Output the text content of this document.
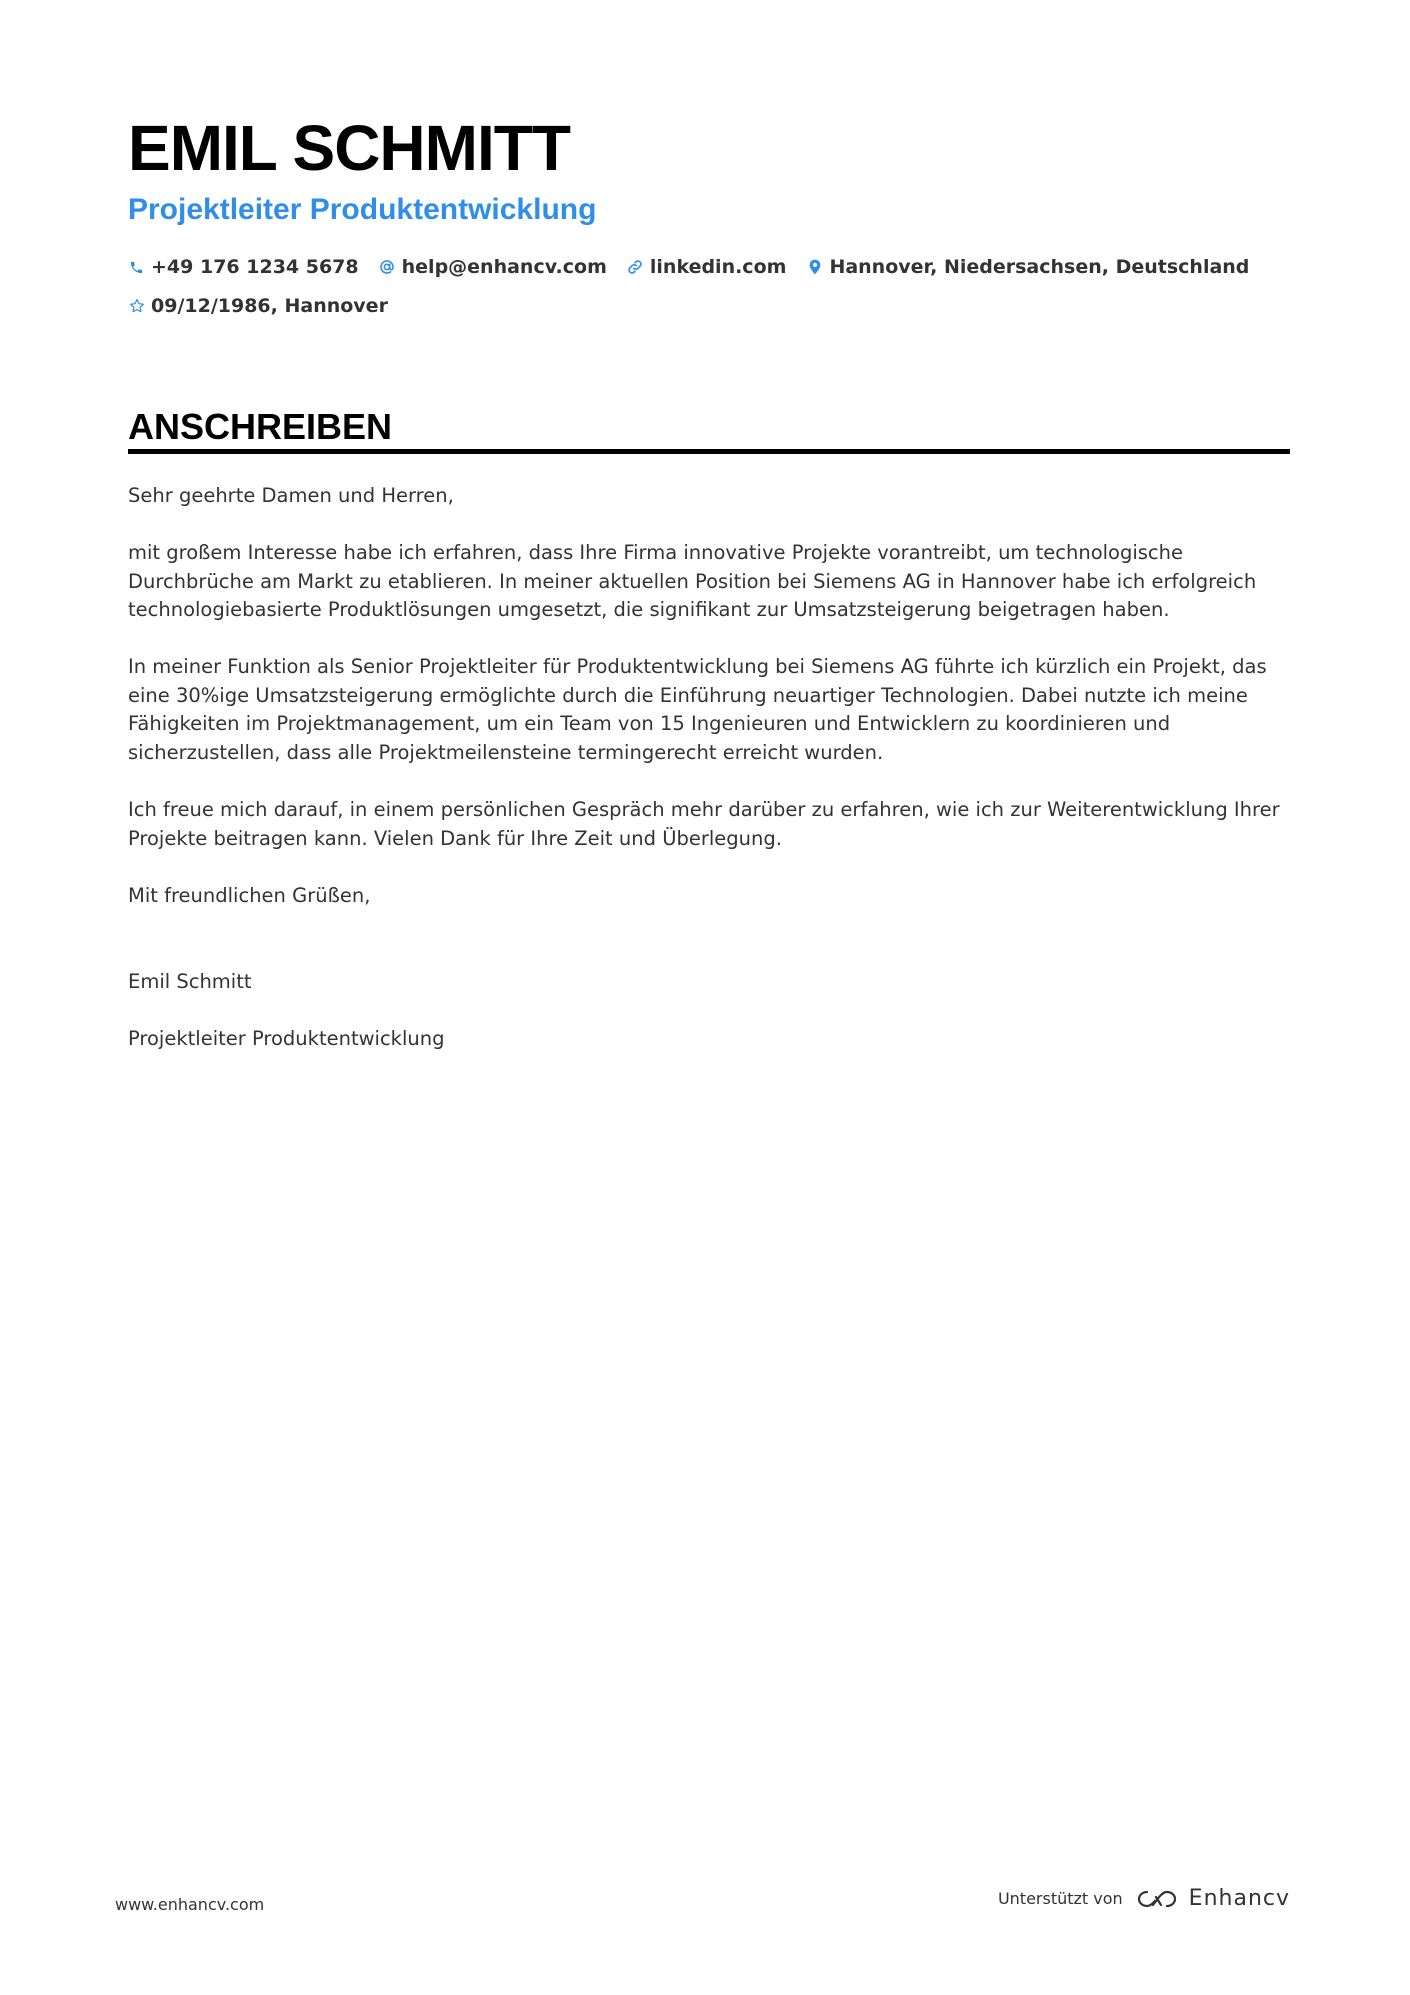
EMIL SCHMITT
Projektleiter Produktentwicklung
+49 176 1234 5678 help@enhancv.com linkedin.com Hannover, Niedersachsen, Deutschland
09/12/1986, Hannover
ANSCHREIBEN

Sehr geehrte Damen und Herren,

mit großem Interesse habe ich erfahren, dass Ihre Firma innovative Projekte vorantreibt, um technologische Durchbrüche am Markt zu etablieren. In meiner aktuellen Position bei Siemens AG in Hannover habe ich erfolgreich technologiebasierte Produktlösungen umgesetzt, die signifikant zur Umsatzsteigerung beigetragen haben.

In meiner Funktion als Senior Projektleiter für Produktentwicklung bei Siemens AG führte ich kürzlich ein Projekt, das eine 30%ige Umsatzsteigerung ermöglichte durch die Einführung neuartiger Technologien. Dabei nutzte ich meine Fähigkeiten im Projektmanagement, um ein Team von 15 Ingenieuren und Entwicklern zu koordinieren und sicherzustellen, dass alle Projektmeilensteine termingerecht erreicht wurden.

Ich freue mich darauf, in einem persönlichen Gespräch mehr darüber zu erfahren, wie ich zur Weiterentwicklung Ihrer Projekte beitragen kann. Vielen Dank für Ihre Zeit und Überlegung.

Mit freundlichen Grüßen,

Emil Schmitt

Projektleiter Produktentwicklung

www.enhancv.com	Unterstützt von	Enhancv
